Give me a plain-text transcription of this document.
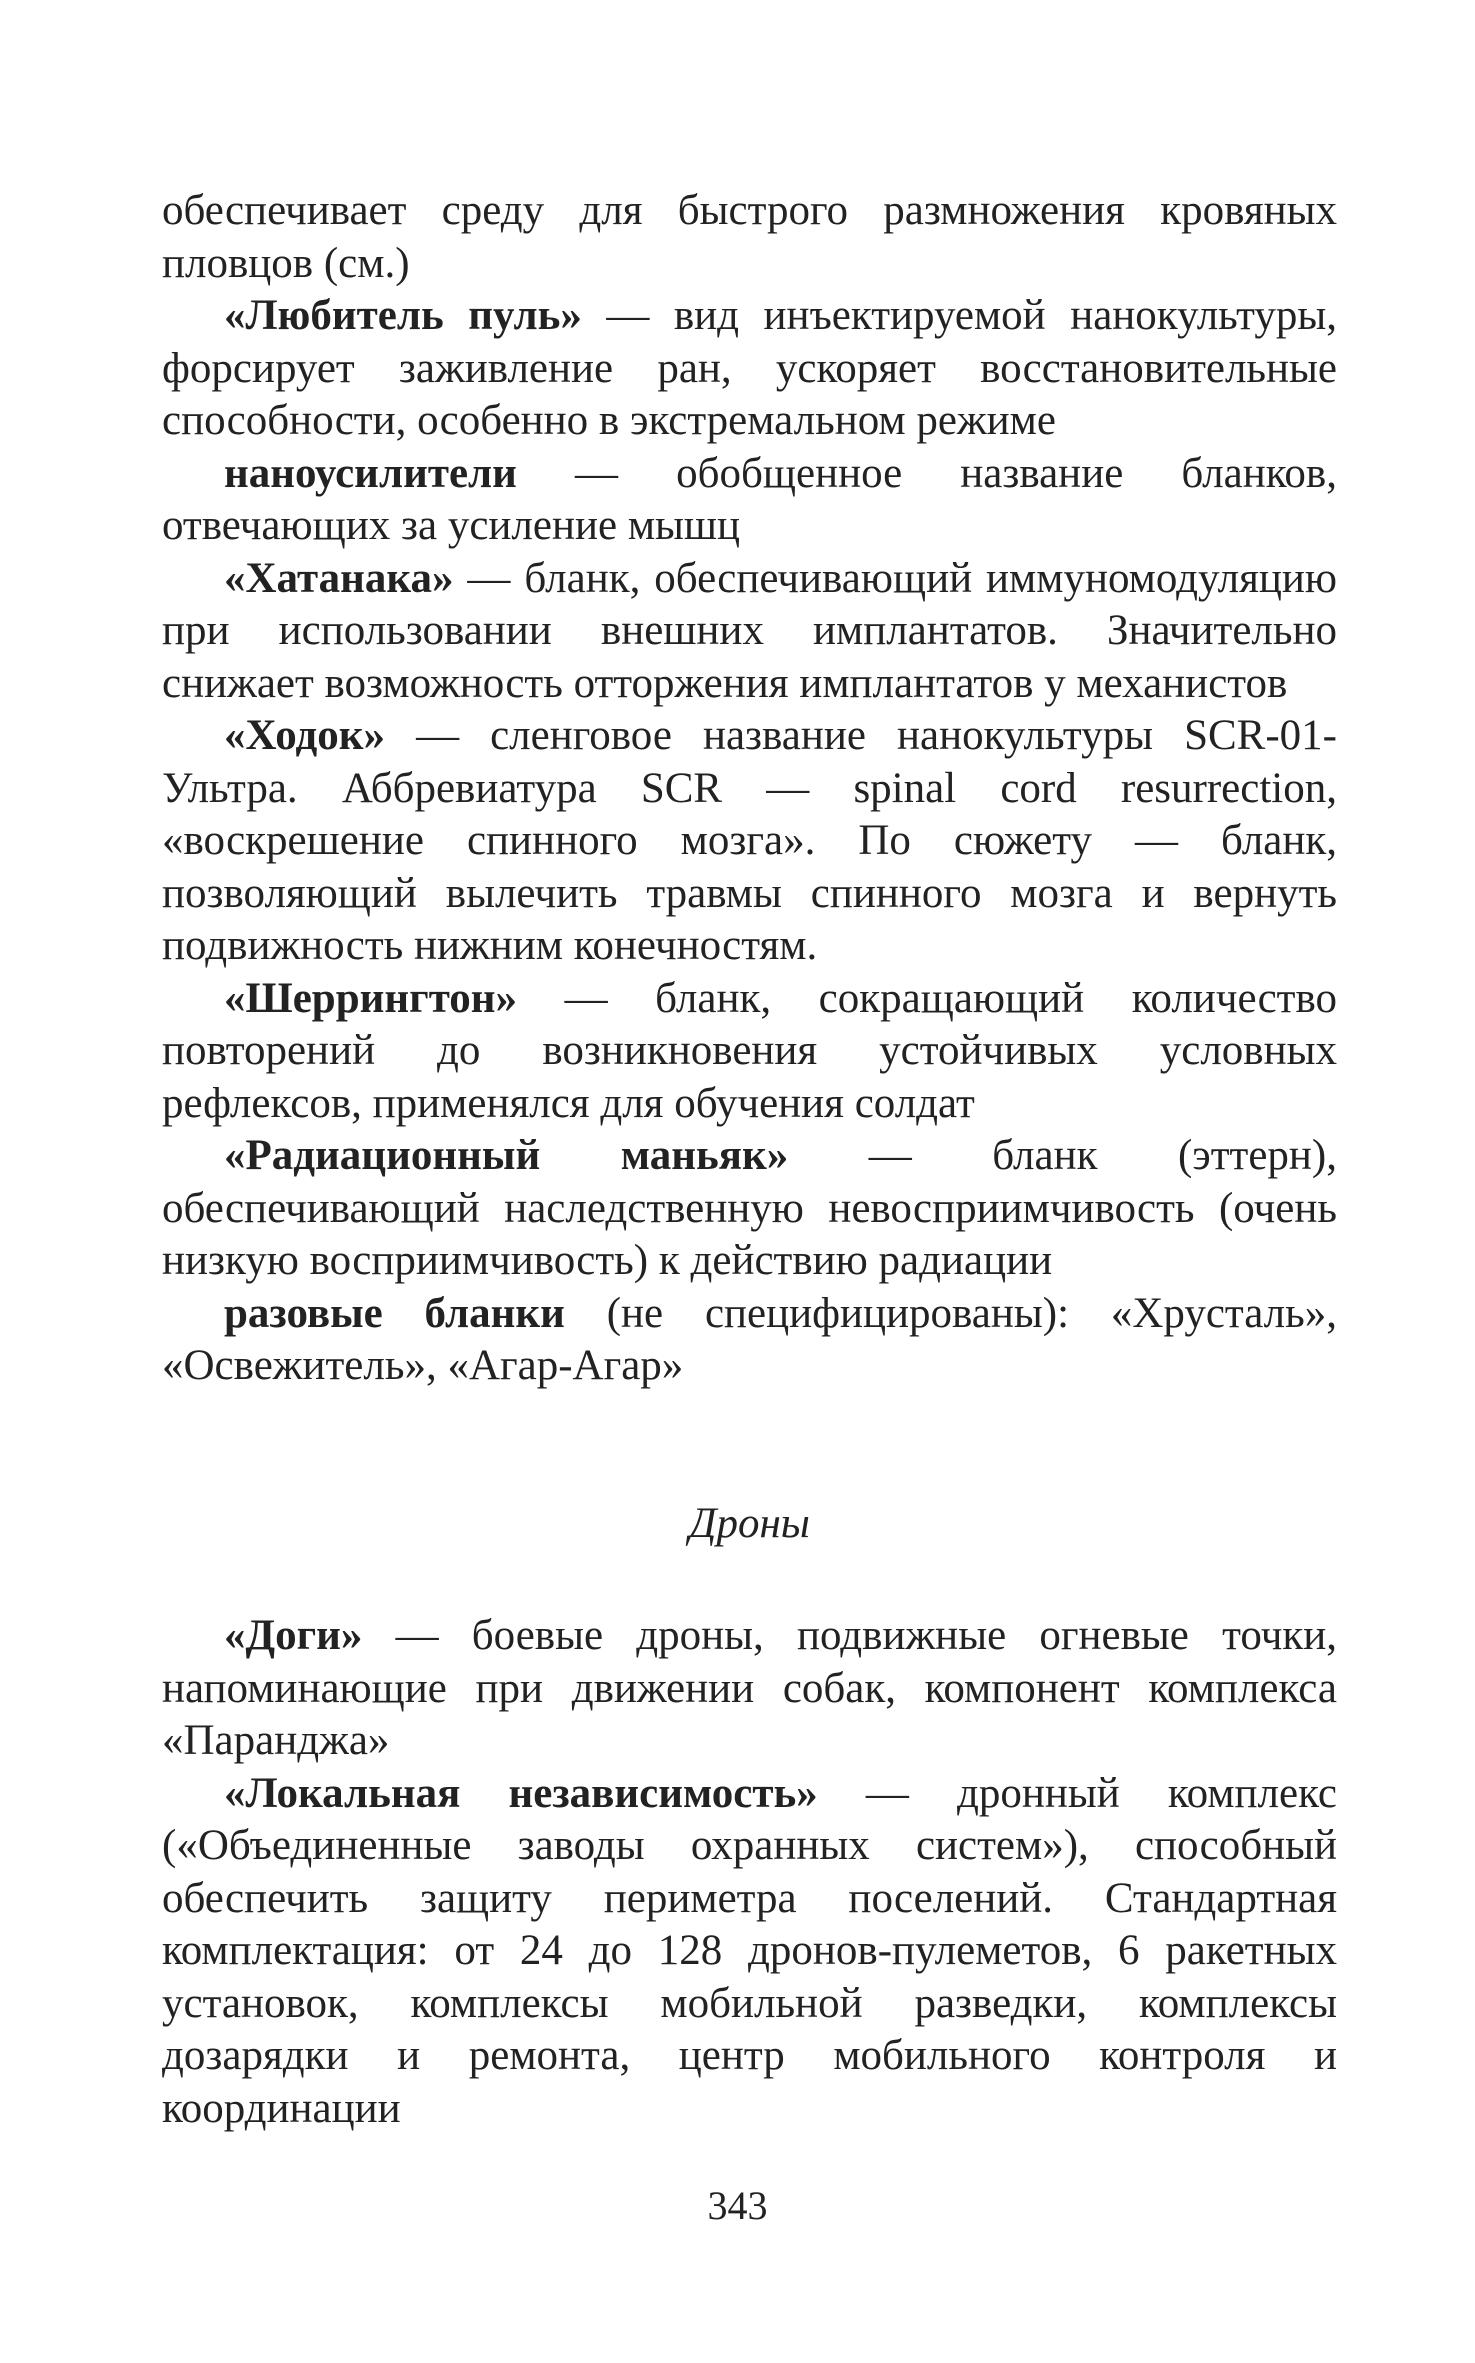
обеспечивает среду для быстрого размножения кровяных пловцов (см.)

«Любитель пуль» — вид инъектируемой нанокультуры, форсирует заживление ран, ускоряет восстановительные способности, особенно в экстремальном режиме

наноусилители — обобщенное название бланков, отвечающих за усиление мышц

«Хатанака» — бланк, обеспечивающий иммуномодуляцию при использовании внешних имплантатов. Значительно снижает возможность отторжения имплантатов у механистов

«Ходок» — сленговое название нанокультуры SCR-01-Ультра. Аббревиатура SCR — spinal cord resurrection, «воскрешение спинного мозга». По сюжету — бланк, позволяющий вылечить травмы спинного мозга и вернуть подвижность нижним конечностям.

«Шеррингтон» — бланк, сокращающий количество повторений до возникновения устойчивых условных рефлексов, применялся для обучения солдат

«Радиационный маньяк» — бланк (эттерн), обеспечивающий наследственную невосприимчивость (очень низкую восприимчивость) к действию радиации

разовые бланки (не специфицированы): «Хрусталь», «Освежитель», «Агар-Агар»

Дроны

«Доги» — боевые дроны, подвижные огневые точки, напоминающие при движении собак, компонент комплекса «Паранджа»

«Локальная независимость» — дронный комплекс («Объединенные заводы охранных систем»), способный обеспечить защиту периметра поселений. Стандартная комплектация: от 24 до 128 дронов-пулеметов, 6 ракетных установок, комплексы мобильной разведки, комплексы дозарядки и ремонта, центр мобильного контроля и координации

343
